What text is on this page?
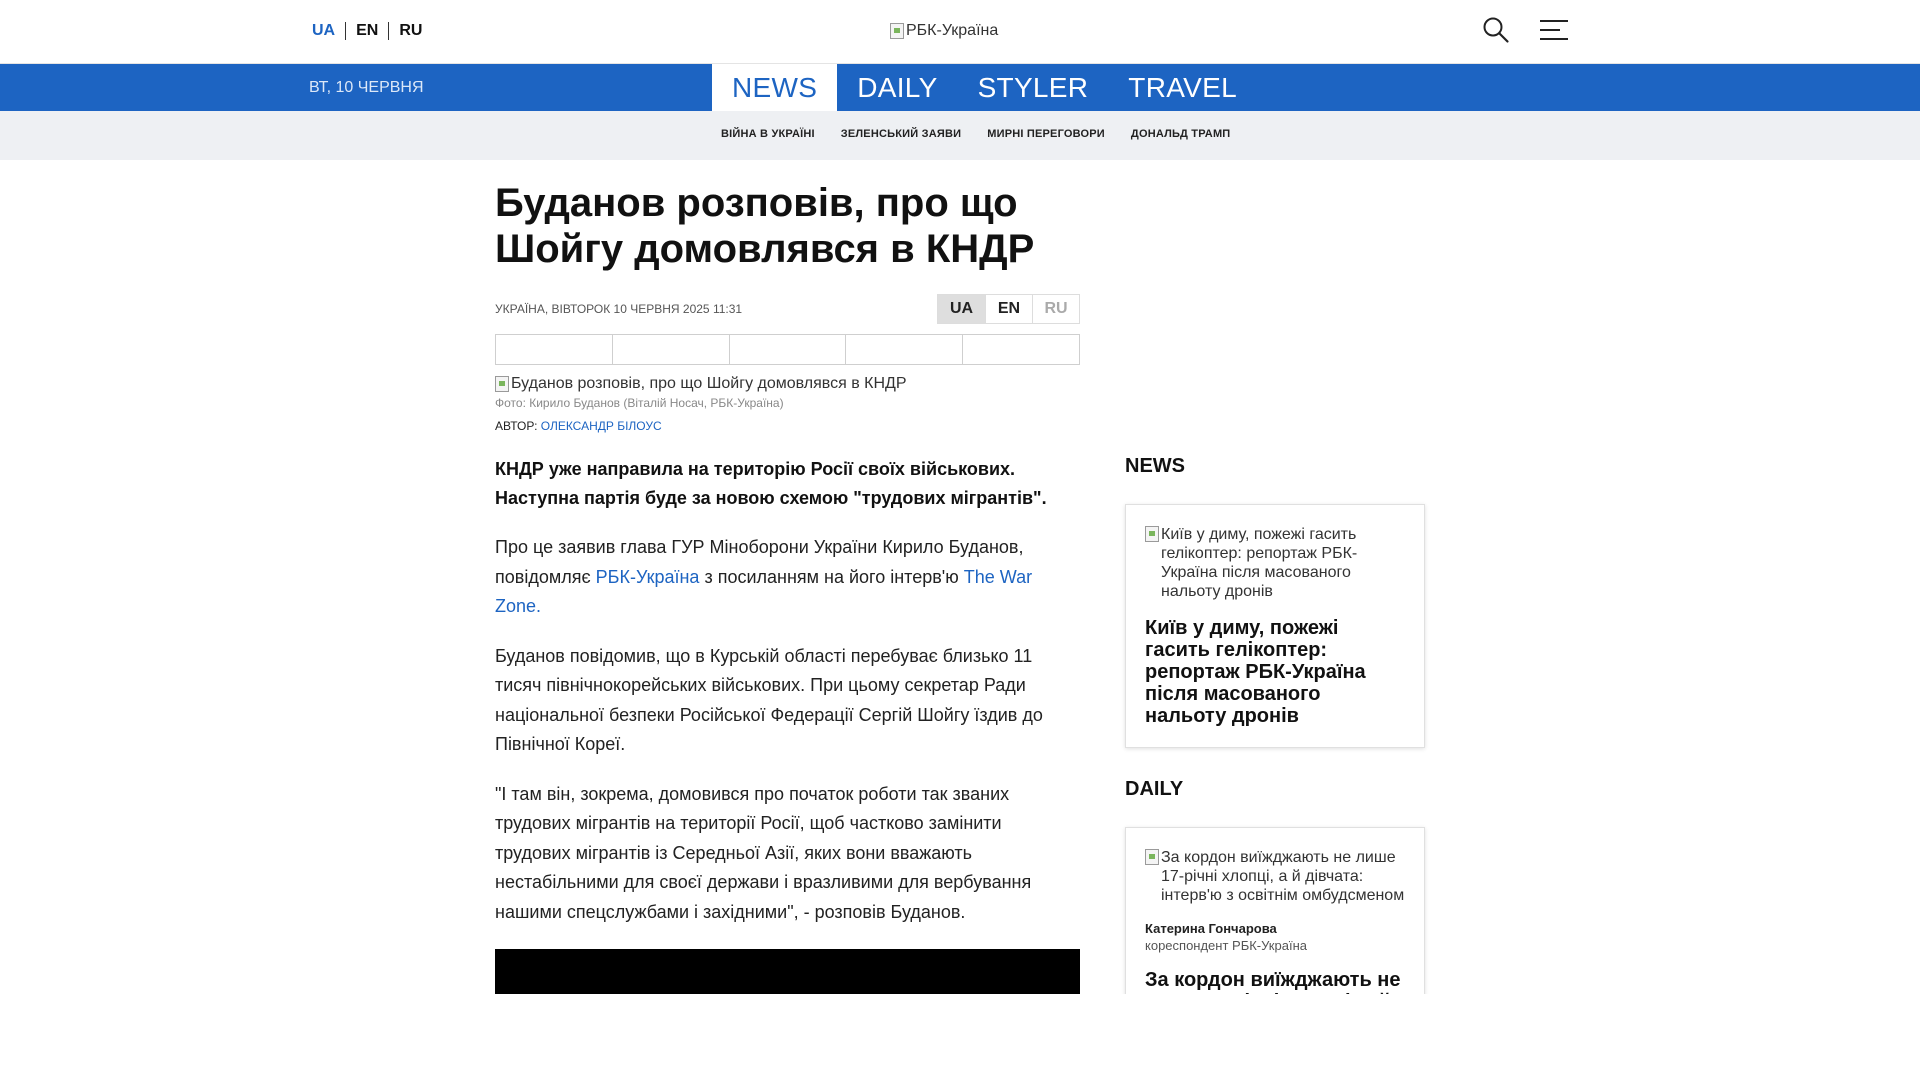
UA	EN	RU	РБК-Україна
ВТ, 10 ЧЕРВНЯ	NEWS	DAILY	STYLER	TRAVEL
ВІЙНА В УКРАЇНІ ЗЕЛЕНСЬКИЙ ЗАЯВИ МИРНІ ПЕРЕГОВОРИ ДОНАЛЬД ТРАМП
Буданов розповів, про що Шойгу домовлявся в КНДР
УКРАЇНА, ВІВТОРОК 10 ЧЕРВНЯ 2025 11:31	UA	EN	RU
Буданов розповів, про що Шойгу домовлявся в КНДР
Фото: Кирило Буданов (Віталій Носач, РБК-Україна)
АВТОР: ОЛЕКСАНДР БІЛОУС

КНДР уже направила на територію Росії своїх військових. Наступна партія буде за новою схемою "трудових мігрантів".

Про це заявив глава ГУР Міноборони України Кирило Буданов, повідомляє РБК-Україна з посиланням на його інтерв'ю The War Zone.

Буданов повідомив, що в Курській області перебуває близько 11 тисяч північнокорейських військових. При цьому секретар Ради національної безпеки Російської Федерації Сергій Шойгу їздив до Північної Кореї.

"І там він, зокрема, домовився про початок роботи так званих трудових мігрантів на території Росії, щоб частково замінити трудових мігрантів із Середньої Азії, яких вони вважають нестабільними для своєї держави і вразливими для вербування нашими спецслужбами і західними", - розповів Буданов.

NEWS
Київ у диму, пожежі гасить гелікоптер: репортаж РБК-Україна після масованого нальоту дронів
Київ у диму, пожежі гасить гелікоптер: репортаж РБК-Україна після масованого нальоту дронів
DAILY
За кордон виїжджають не лише 17-річні хлопці, а й дівчата: інтерв'ю з освітнім омбудсменом
Катерина Гончарова
кореспондент РБК-Україна
За кордон виїжджають не
